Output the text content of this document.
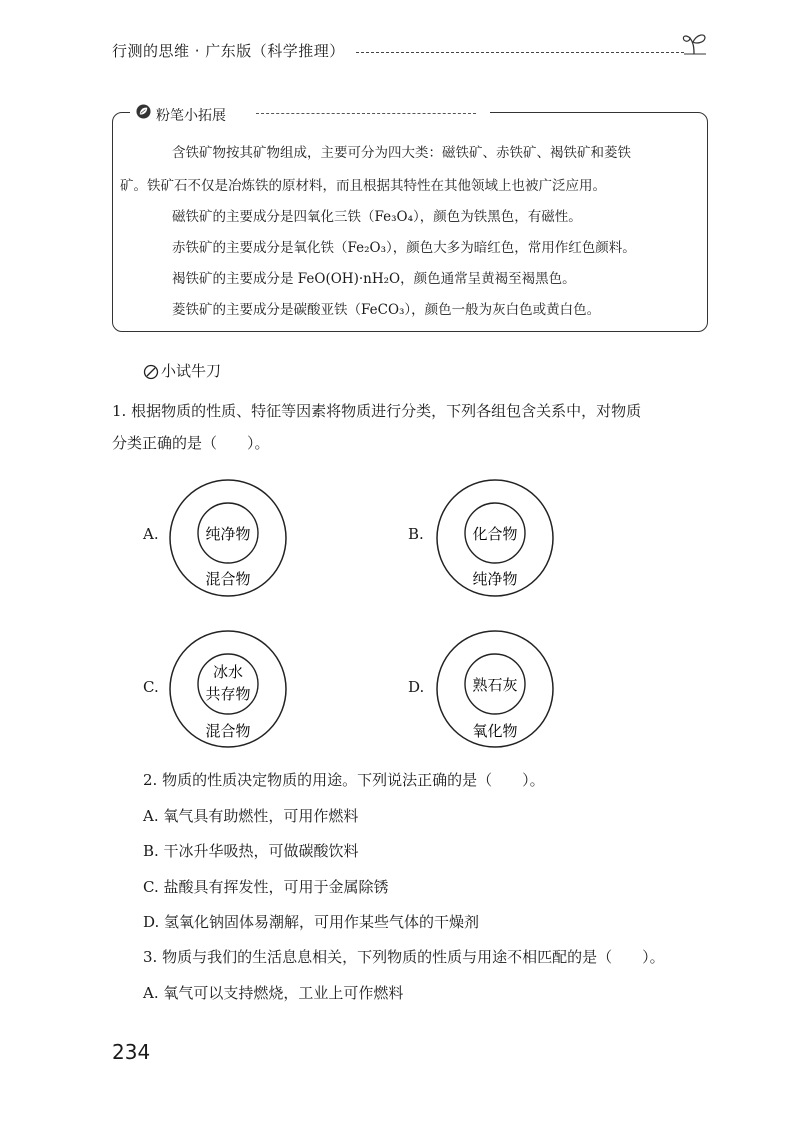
行测的思维 · 广东版（科学推理）
粉笔小拓展
含铁矿物按其矿物组成，主要可分为四大类：磁铁矿、赤铁矿、褐铁矿和菱铁
矿。铁矿石不仅是冶炼铁的原材料，而且根据其特性在其他领域上也被广泛应用。
磁铁矿的主要成分是四氧化三铁（Fe₃O₄），颜色为铁黑色，有磁性。
赤铁矿的主要成分是氧化铁（Fe₂O₃），颜色大多为暗红色，常用作红色颜料。
褐铁矿的主要成分是 FeO(OH)·nH₂O，颜色通常呈黄褐至褐黑色。
菱铁矿的主要成分是碳酸亚铁（FeCO₃），颜色一般为灰白色或黄白色。
小试牛刀
1. 根据物质的性质、特征等因素将物质进行分类，下列各组包含关系中，对物质
分类正确的是（　　）。
A.	纯净物
混合物
B.	化合物
纯净物
C.
冰水
共存物
混合物
D.	熟石灰
氧化物
2. 物质的性质决定物质的用途。下列说法正确的是（　　）。
A. 氧气具有助燃性，可用作燃料
B. 干冰升华吸热，可做碳酸饮料
C. 盐酸具有挥发性，可用于金属除锈
D. 氢氧化钠固体易潮解，可用作某些气体的干燥剂
3. 物质与我们的生活息息相关，下列物质的性质与用途不相匹配的是（　　）。
A. 氧气可以支持燃烧，工业上可作燃料
234
